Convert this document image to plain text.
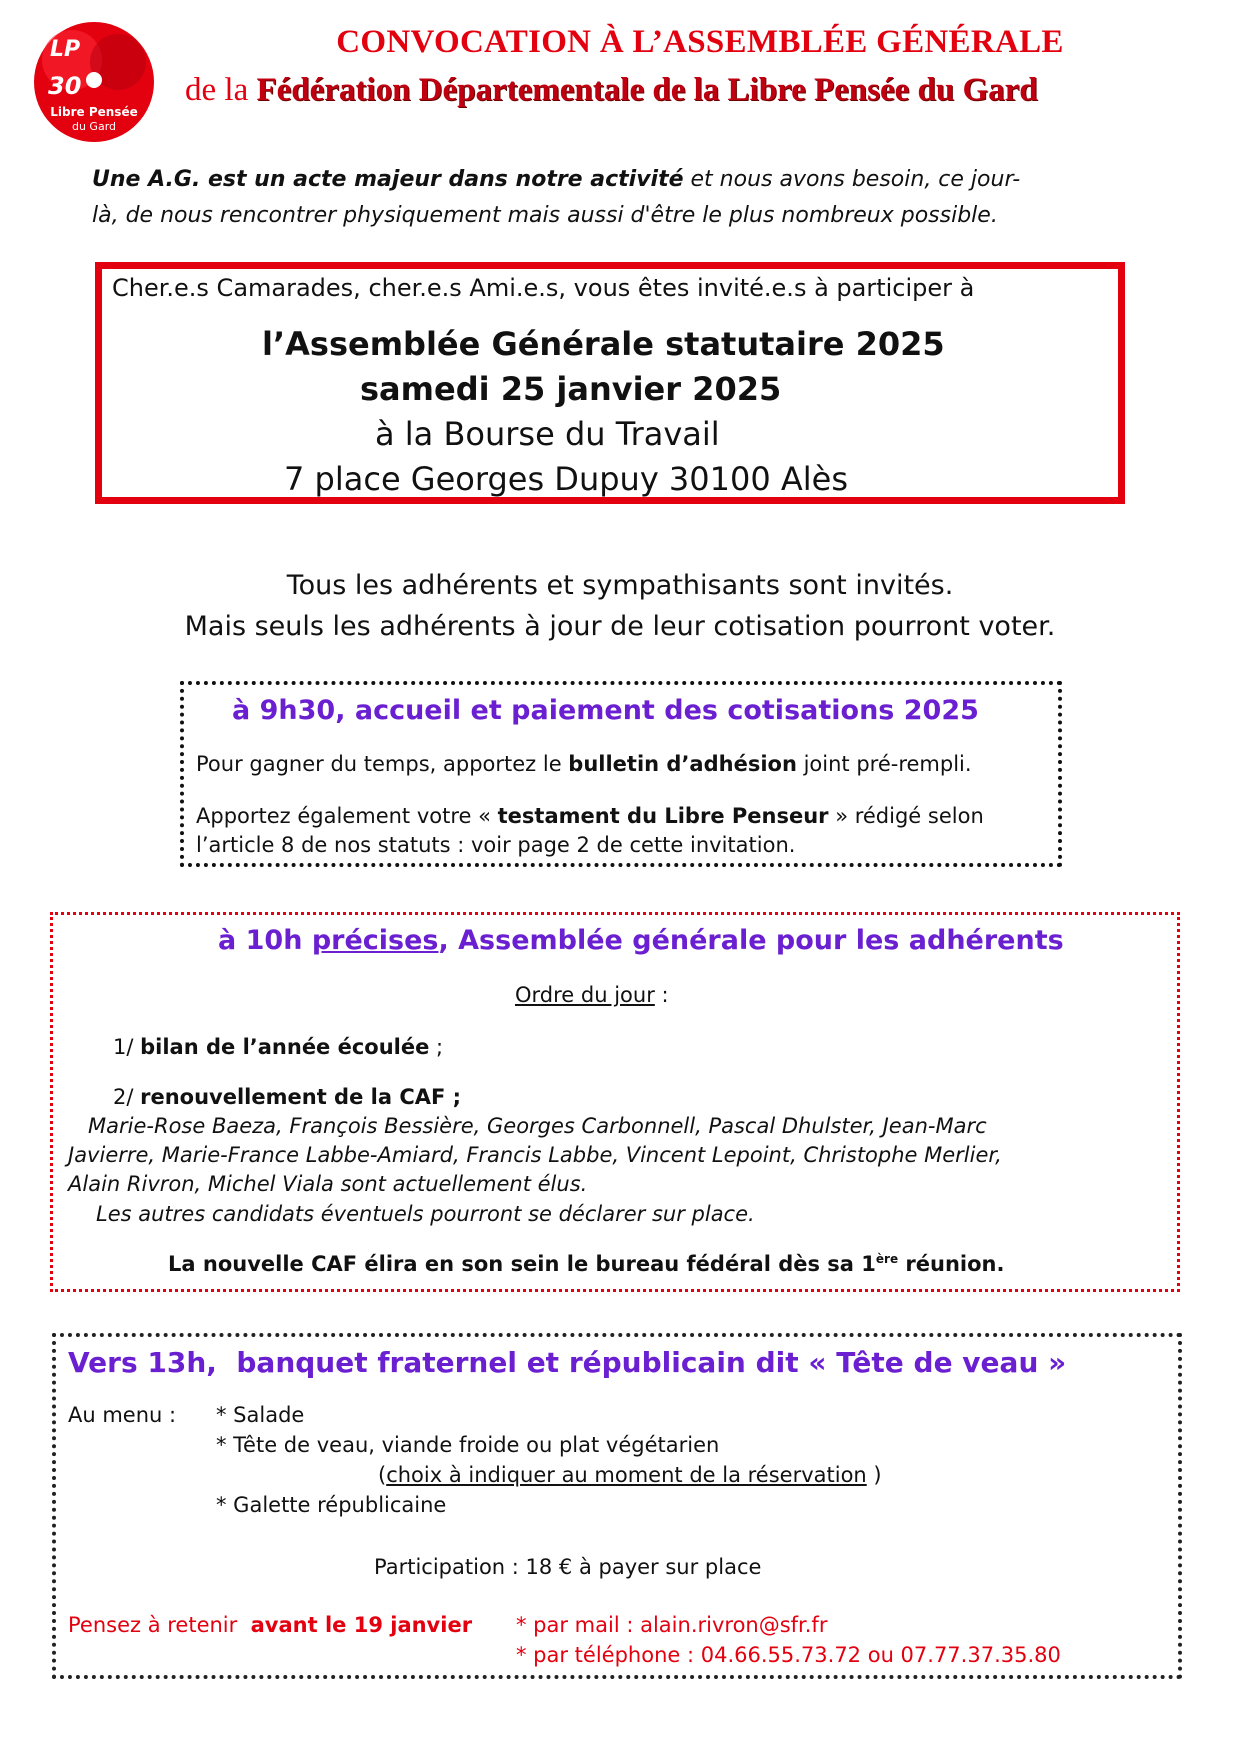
LP
30
Libre Pensée
du Gard
CONVOCATION À L’ASSEMBLÉE GÉNÉRALE
de la Fédération Départementale de la Libre Pensée du Gard
Une A.G. est un acte majeur dans notre activité et nous avons besoin, ce jour-
là, de nous rencontrer physiquement mais aussi d'être le plus nombreux possible.
Cher.e.s Camarades, cher.e.s Ami.e.s, vous êtes invité.e.s à participer à
l’Assemblée Générale statutaire 2025
samedi 25 janvier 2025
à la Bourse du Travail
7 place Georges Dupuy 30100 Alès
Tous les adhérents et sympathisants sont invités.
Mais seuls les adhérents à jour de leur cotisation pourront voter.
à 9h30, accueil et paiement des cotisations 2025
Pour gagner du temps, apportez le bulletin d’adhésion joint pré-rempli.
Apportez également votre « testament du Libre Penseur » rédigé selon
l’article 8 de nos statuts : voir page 2 de cette invitation.
à 10h précises, Assemblée générale pour les adhérents
Ordre du jour :
1/ bilan de l’année écoulée ;
2/ renouvellement de la CAF ;
Marie-Rose Baeza, François Bessière, Georges Carbonnell, Pascal Dhulster, Jean-Marc
Javierre, Marie-France Labbe-Amiard, Francis Labbe, Vincent Lepoint, Christophe Merlier,
Alain Rivron, Michel Viala sont actuellement élus.
Les autres candidats éventuels pourront se déclarer sur place.
La nouvelle CAF élira en son sein le bureau fédéral dès sa 1ère réunion.
Vers 13h,  banquet fraternel et républicain dit « Tête de veau »
Au menu : * Salade
* Tête de veau, viande froide ou plat végétarien
(choix à indiquer au moment de la réservation )
* Galette républicaine
Participation : 18 € à payer sur place
Pensez à retenir  avant le 19 janvier * par mail : alain.rivron@sfr.fr
* par téléphone : 04.66.55.73.72 ou 07.77.37.35.80
